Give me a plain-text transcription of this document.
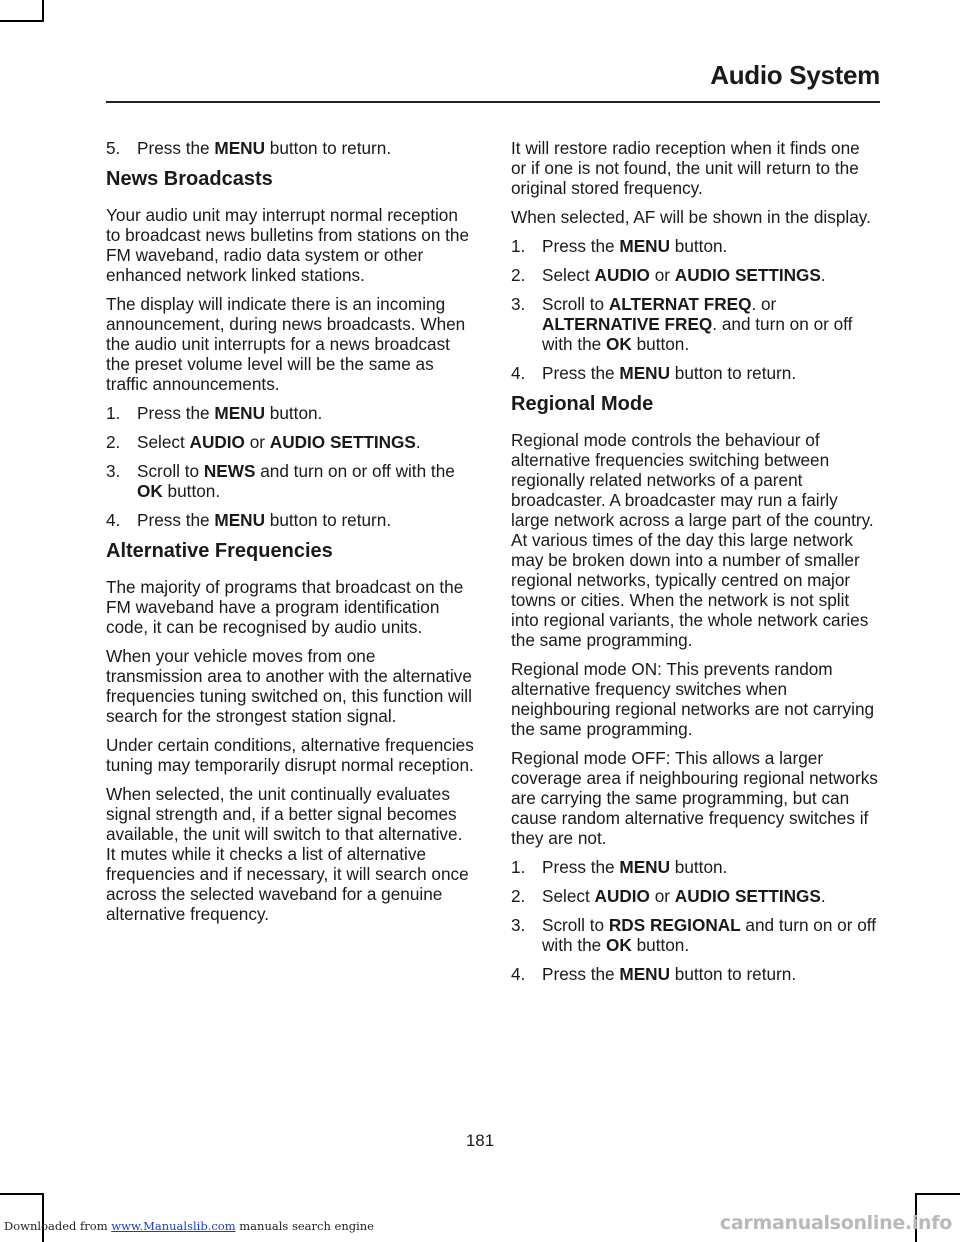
Audio System
5. Press the MENU button to return.
News Broadcasts

Your audio unit may interrupt normal reception to broadcast news bulletins from stations on the FM waveband, radio data system or other enhanced network linked stations.

The display will indicate there is an incoming announcement, during news broadcasts. When the audio unit interrupts for a news broadcast the preset volume level will be the same as traffic announcements.

1. Press the MENU button.
2. Select AUDIO or AUDIO SETTINGS.
3. Scroll to NEWS and turn on or off with the OK button.
4. Press the MENU button to return.
Alternative Frequencies

The majority of programs that broadcast on the FM waveband have a program identification code, it can be recognised by audio units.

When your vehicle moves from one transmission area to another with the alternative frequencies tuning switched on, this function will search for the strongest station signal.

Under certain conditions, alternative frequencies tuning may temporarily disrupt normal reception.

When selected, the unit continually evaluates signal strength and, if a better signal becomes available, the unit will switch to that alternative. It mutes while it checks a list of alternative frequencies and if necessary, it will search once across the selected waveband for a genuine alternative frequency.

It will restore radio reception when it finds one or if one is not found, the unit will return to the original stored frequency.

When selected, AF will be shown in the display.

1. Press the MENU button.
2. Select AUDIO or AUDIO SETTINGS.
3. Scroll to ALTERNAT FREQ. or ALTERNATIVE FREQ. and turn on or off with the OK button.
4. Press the MENU button to return.
Regional Mode

Regional mode controls the behaviour of alternative frequencies switching between regionally related networks of a parent broadcaster. A broadcaster may run a fairly large network across a large part of the country. At various times of the day this large network may be broken down into a number of smaller regional networks, typically centred on major towns or cities. When the network is not split into regional variants, the whole network caries the same programming.

Regional mode ON: This prevents random alternative frequency switches when neighbouring regional networks are not carrying the same programming.

Regional mode OFF: This allows a larger coverage area if neighbouring regional networks are carrying the same programming, but can cause random alternative frequency switches if they are not.

1. Press the MENU button.
2. Select AUDIO or AUDIO SETTINGS.
3. Scroll to RDS REGIONAL and turn on or off with the OK button.
4. Press the MENU button to return.
181
Downloaded from www.Manualslib.com manuals search engine	carmanualsonline.info
